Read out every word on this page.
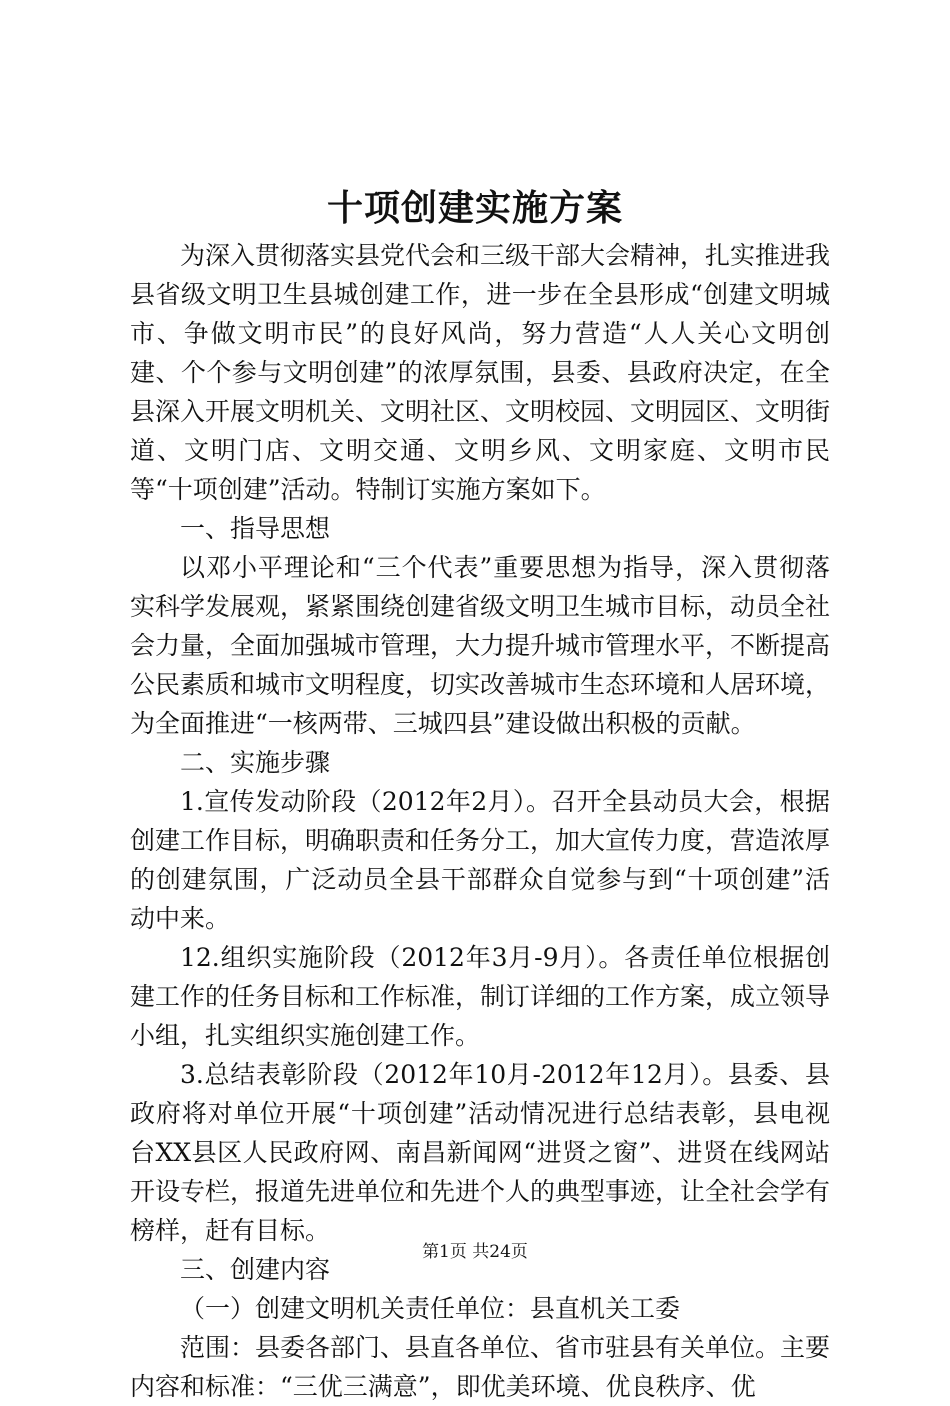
十项创建实施方案

为深入贯彻落实县党代会和三级干部大会精神，扎实推进我县省级文明卫生县城创建工作，进一步在全县形成“创建文明城市、争做文明市民”的良好风尚，努力营造“人人关心文明创建、个个参与文明创建”的浓厚氛围，县委、县政府决定，在全县深入开展文明机关、文明社区、文明校园、文明园区、文明街道、文明门店、文明交通、文明乡风、文明家庭、文明市民等“十项创建”活动。特制订实施方案如下。

一、指导思想

以邓小平理论和“三个代表”重要思想为指导，深入贯彻落实科学发展观，紧紧围绕创建省级文明卫生城市目标，动员全社会力量，全面加强城市管理，大力提升城市管理水平，不断提高公民素质和城市文明程度，切实改善城市生态环境和人居环境，为全面推进“一核两带、三城四县”建设做出积极的贡献。

二、实施步骤

1.宣传发动阶段（2012年2月）。召开全县动员大会，根据创建工作目标，明确职责和任务分工，加大宣传力度，营造浓厚的创建氛围，广泛动员全县干部群众自觉参与到“十项创建”活动中来。

12.组织实施阶段（2012年3月-9月）。各责任单位根据创建工作的任务目标和工作标准，制订详细的工作方案，成立领导小组，扎实组织实施创建工作。

3.总结表彰阶段（2012年10月-2012年12月）。县委、县政府将对单位开展“十项创建”活动情况进行总结表彰，县电视台XX县区人民政府网、南昌新闻网“进贤之窗”、进贤在线网站开设专栏，报道先进单位和先进个人的典型事迹，让全社会学有榜样，赶有目标。

三、创建内容

（一）创建文明机关责任单位：县直机关工委

范围：县委各部门、县直各单位、省市驻县有关单位。主要内容和标准：“三优三满意”，即优美环境、优良秩序、优

第1页 共24页
